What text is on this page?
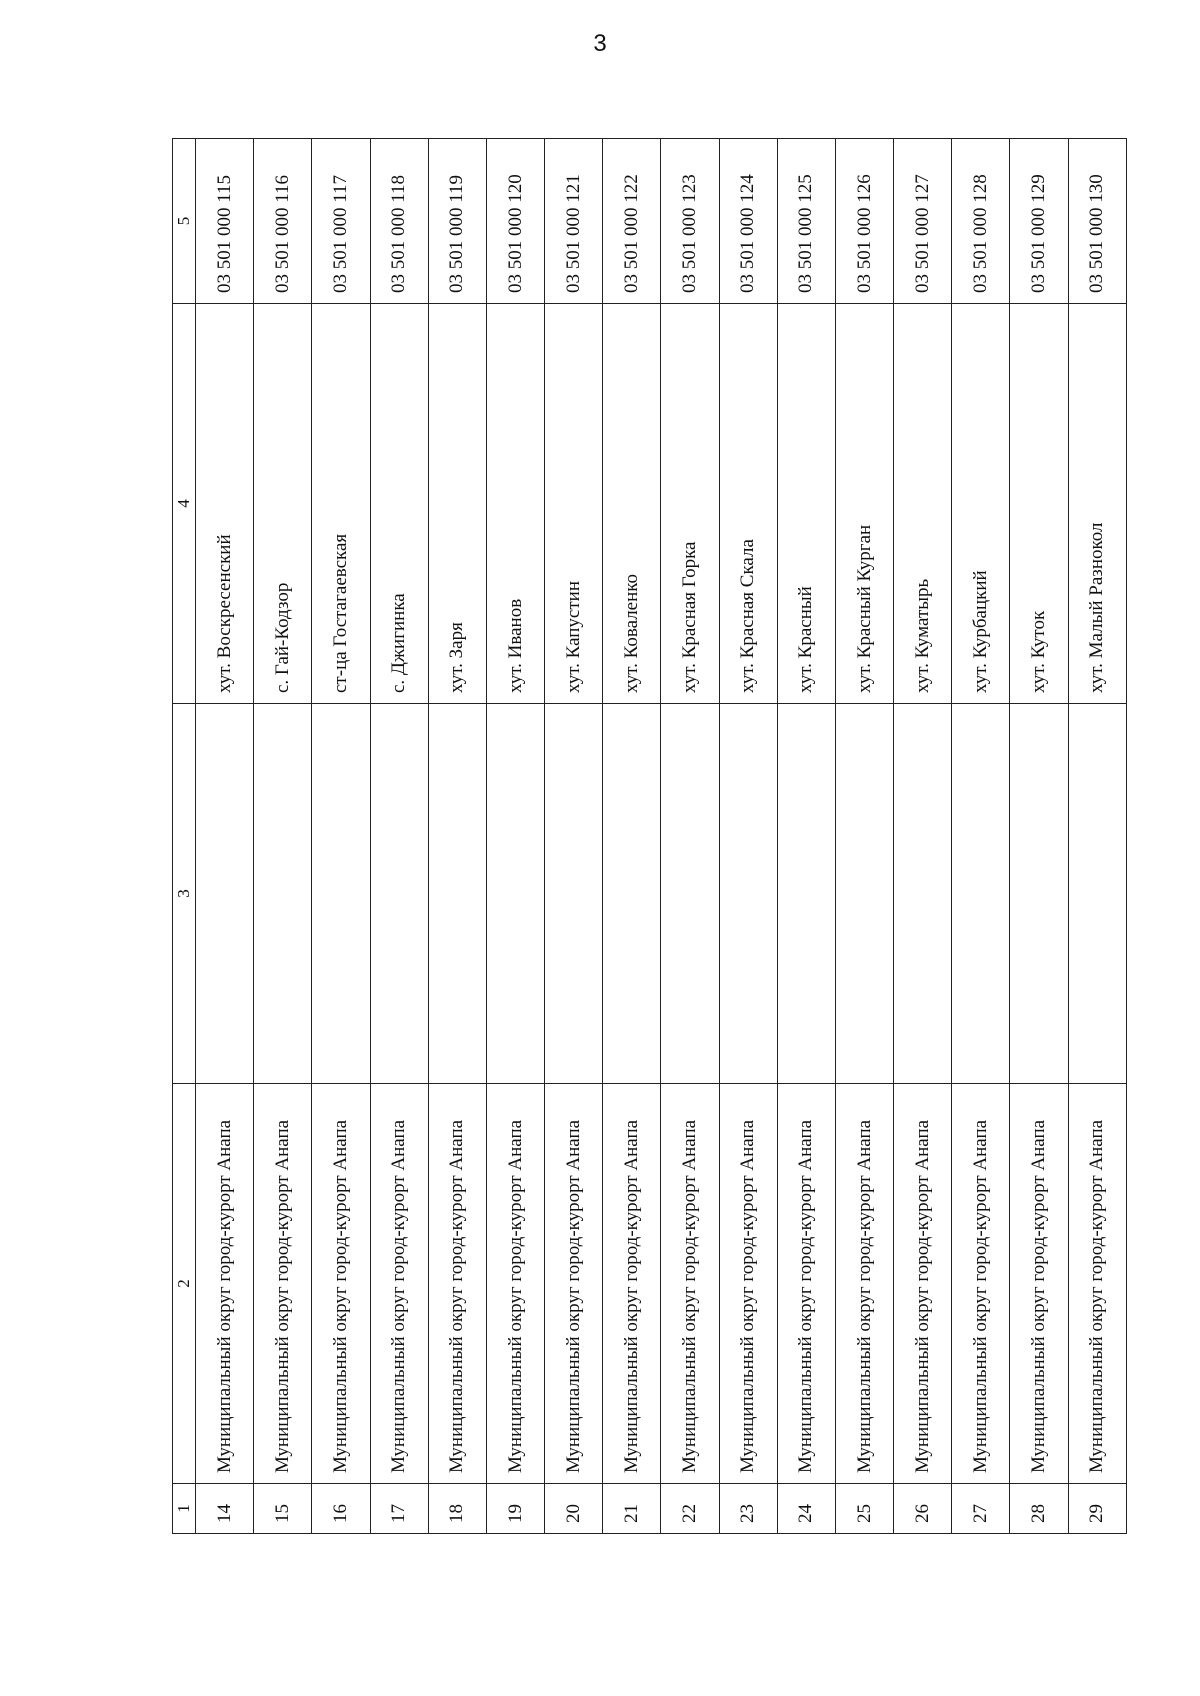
3
1	2	3	4	5
14	Муниципальный округ город-курорт Анапа		хут. Воскресенский	03 501 000 115
15	Муниципальный округ город-курорт Анапа		с. Гай-Кодзор	03 501 000 116
16	Муниципальный округ город-курорт Анапа		ст-ца Гостагаевская	03 501 000 117
17	Муниципальный округ город-курорт Анапа		с. Джигинка	03 501 000 118
18	Муниципальный округ город-курорт Анапа		хут. Заря	03 501 000 119
19	Муниципальный округ город-курорт Анапа		хут. Иванов	03 501 000 120
20	Муниципальный округ город-курорт Анапа		хут. Капустин	03 501 000 121
21	Муниципальный округ город-курорт Анапа		хут. Коваленко	03 501 000 122
22	Муниципальный округ город-курорт Анапа		хут. Красная Горка	03 501 000 123
23	Муниципальный округ город-курорт Анапа		хут. Красная Скала	03 501 000 124
24	Муниципальный округ город-курорт Анапа		хут. Красный	03 501 000 125
25	Муниципальный округ город-курорт Анапа		хут. Красный Курган	03 501 000 126
26	Муниципальный округ город-курорт Анапа		хут. Куматырь	03 501 000 127
27	Муниципальный округ город-курорт Анапа		хут. Курбацкий	03 501 000 128
28	Муниципальный округ город-курорт Анапа		хут. Куток	03 501 000 129
29	Муниципальный округ город-курорт Анапа		хут. Малый Разнокол	03 501 000 130
